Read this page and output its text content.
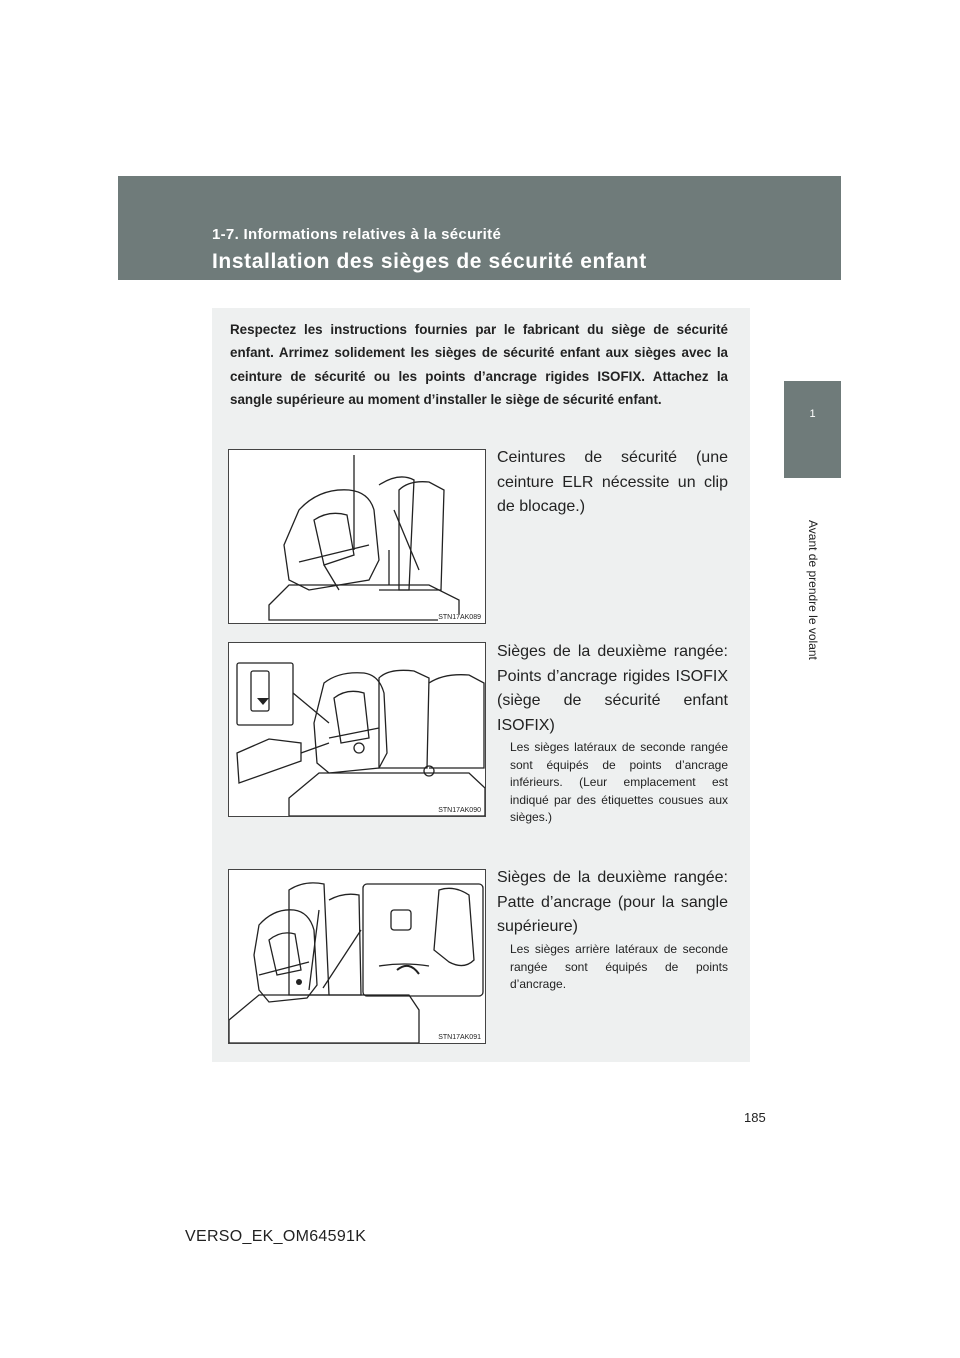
1-7. Informations relatives à la sécurité
Installation des sièges de sécurité enfant
1
Avant de prendre le volant
Respectez les instructions fournies par le fabricant du siège de sécurité enfant. Arrimez solidement les sièges de sécurité enfant aux sièges avec la ceinture de sécurité ou les points d’ancrage rigides ISOFIX. Attachez la sangle supérieure au moment d’installer le siège de sécurité enfant.
STN17AK089
Ceintures de sécurité (une ceinture ELR nécessite un clip de blocage.)
STN17AK090
Sièges de la deuxième rangée: Points d’ancrage rigides ISOFIX (siège de sécurité enfant ISOFIX)
Les sièges latéraux de seconde rangée sont équipés de points d’ancrage inférieurs. (Leur emplacement est indiqué par des étiquettes cousues aux sièges.)
STN17AK091
Sièges de la deuxième rangée: Patte d’ancrage (pour la sangle supérieure)
Les sièges arrière latéraux de seconde rangée sont équipés de points d’ancrage.
185
VERSO_EK_OM64591K
